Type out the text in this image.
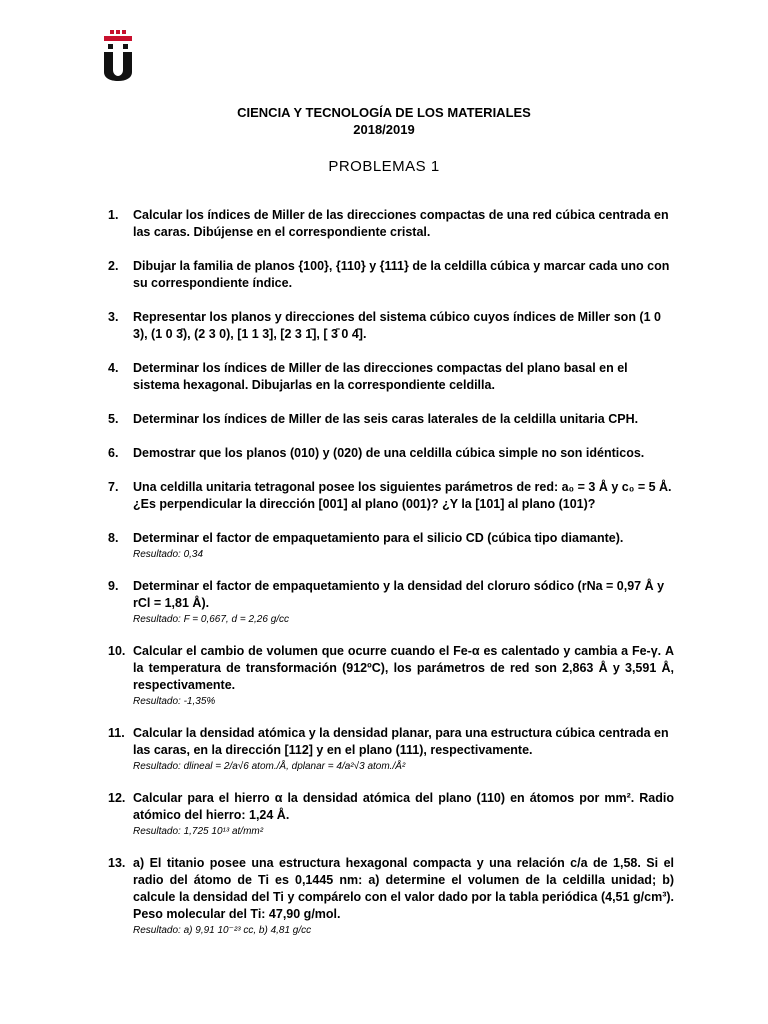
CIENCIA Y TECNOLOGÍA DE LOS MATERIALES
2018/2019
PROBLEMAS 1
1. Calcular los índices de Miller de las direcciones compactas de una red cúbica centrada en las caras. Dibújense en el correspondiente cristal.
2. Dibujar la familia de planos {100}, {110} y {111} de la celdilla cúbica y marcar cada uno con su correspondiente índice.
3. Representar los planos y direcciones del sistema cúbico cuyos índices de Miller son (1 0 3), (1 0 3̄), (2 3 0), [1 1 3], [2 3 1̄], [ 3̄ 0 4̄].
4. Determinar los índices de Miller de las direcciones compactas del plano basal en el sistema hexagonal. Dibujarlas en la correspondiente celdilla.
5. Determinar los índices de Miller de las seis caras laterales de la celdilla unitaria CPH.
6. Demostrar que los planos (010) y (020) de una celdilla cúbica simple no son idénticos.
7. Una celdilla unitaria tetragonal posee los siguientes parámetros de red: a₀ = 3 Å y c₀ = 5 Å. ¿Es perpendicular la dirección [001] al plano (001)? ¿Y la [101] al plano (101)?
8. Determinar el factor de empaquetamiento para el silicio CD (cúbica tipo diamante).
Resultado: 0,34
9. Determinar el factor de empaquetamiento y la densidad del cloruro sódico (rNa = 0,97 Å y rCl = 1,81 Å).
Resultado: F = 0,667, d = 2,26 g/cc
10. Calcular el cambio de volumen que ocurre cuando el Fe-α es calentado y cambia a Fe-γ. A la temperatura de transformación (912ºC), los parámetros de red son 2,863 Å y 3,591 Å, respectivamente.
Resultado: -1,35%
11. Calcular la densidad atómica y la densidad planar, para una estructura cúbica centrada en las caras, en la dirección [112] y en el plano (111), respectivamente.
Resultado: dlineal = 2/a√6 atom./Å, dplanar = 4/a²√3 atom./Å²
12. Calcular para el hierro α la densidad atómica del plano (110) en átomos por mm². Radio atómico del hierro: 1,24 Å.
Resultado: 1,725 10¹³ at/mm²
13. a) El titanio posee una estructura hexagonal compacta y una relación c/a de 1,58. Si el radio del átomo de Ti es 0,1445 nm: a) determine el volumen de la celdilla unidad; b) calcule la densidad del Ti y compárelo con el valor dado por la tabla periódica (4,51 g/cm³). Peso molecular del Ti: 47,90 g/mol.
Resultado: a) 9,91 10⁻²³ cc, b) 4,81 g/cc
